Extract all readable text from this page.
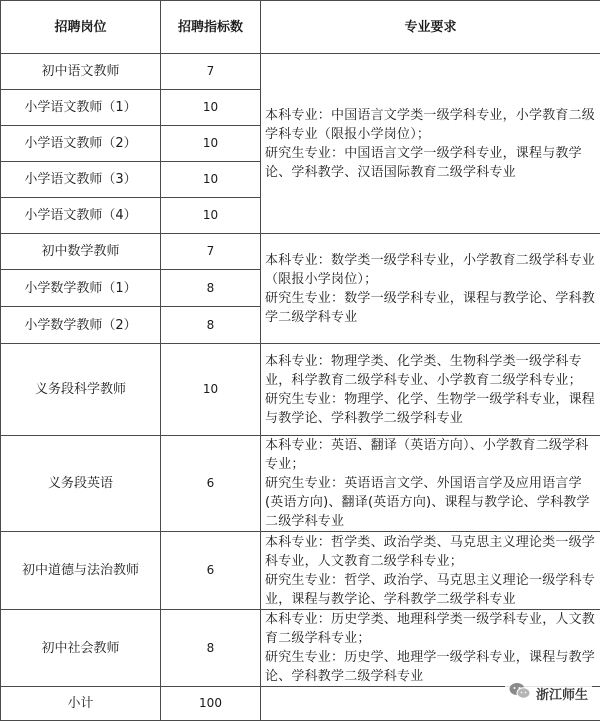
招聘岗位	招聘指标数	专业要求
初中语文教师	7	本科专业：中国语言文学类一级学科专业，小学教育二级学科专业（限报小学岗位）；
研究生专业：中国语言文学一级学科专业，课程与教学论、学科教学、汉语国际教育二级学科专业
小学语文教师（1）	10	
小学语文教师（2）	10	
小学语文教师（3）	10	
小学语文教师（4）	10	
初中数学教师	7	本科专业：数学类一级学科专业，小学教育二级学科专业（限报小学岗位）；
研究生专业：数学一级学科专业，课程与教学论、学科教学二级学科专业
小学数学教师（1）	8	
小学数学教师（2）	8	
义务段科学教师	10	本科专业：物理学类、化学类、生物科学类一级学科专业，科学教育二级学科专业、小学教育二级学科专业；
研究生专业：物理学、化学、生物学一级学科专业，课程与教学论、学科教学二级学科专业
义务段英语	6	本科专业：英语、翻译（英语方向）、小学教育二级学科专业；
研究生专业：英语语言文学、外国语言学及应用语言学(英语方向)、翻译(英语方向)、课程与教学论、学科教学二级学科专业
初中道德与法治教师	6	本科专业：哲学类、政治学类、马克思主义理论类一级学科专业，人文教育二级学科专业；
研究生专业：哲学、政治学、马克思主义理论一级学科专业，课程与教学论、学科教学二级学科专业
初中社会教师	8	本科专业：历史学类、地理科学类一级学科专业，人文教育二级学科专业；
研究生专业：历史学、地理学一级学科专业，课程与教学论、学科教学二级学科专业
小计	100	
浙江师生
